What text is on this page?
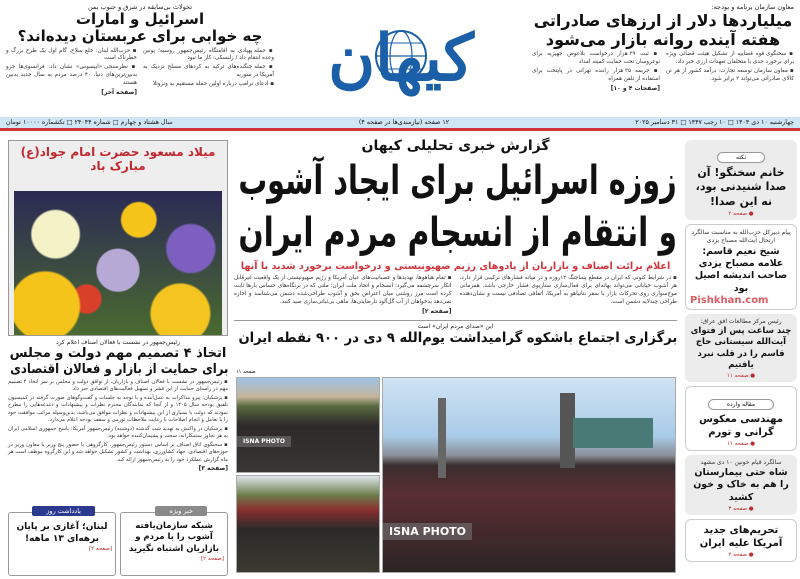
معاون سازمان برنامه و بودجه:
میلیاردها دلار از ارزهای صادراتی
هفته آینده روانه بازار می‌شود

▪ سخنگوی قوه قضاییه از تشکیل هیئت قضائی ویژه برای برخورد جدی با متخلفان تعهدات ارزی خبر داد.

▪ معاون سازمان توسعه تجارت: درآمد کشور از هر تن کالای صادراتی می‌تواند ۲ برابر شود.

▪ ثبت ۳۹ هزار درخواست بلاعوض جهیزیه برای نوعروسان تحت حمایت کمیته امداد

▪ جریمه ۳۵ هزار راننده تهرانی در پایتخت برای استفاده از تلفن همراه

[صفحات ۴ و ۱۰]
کیهان
تحولات بی‌سابقه در شرق و جنوب یمن
اسرائیل و امارات
چه خوابی برای عربستان دیده‌اند؟

▪ حمله پهپادی به اقامتگاه رئیس‌جمهور روسیه؛ پوتین وعده انتقام داد / زلنسکی: کار ما نبود

▪ حمله جنگنده‌های ترکیه به کردهای مسلح نزدیک به آمریکا در سوریه

▪ ادعای ترامپ درباره اولین حمله مستقیم به ونزوئلا

▪ حزب‌الله لبنان: خلع سلاح، گام اول یک طرح بزرگ و خطرناک است

▪ نظرسنجی «ایپسوس» نشان داد: فرانسوی‌ها جزو بدبین‌ترین‌های دنیا، ۴۰ درصد مردم به سال جدید بدبین هستند

[صفحه آخر]
چهارشنبه ۱۰ دی ۱۴۰۴ □ ۱۰ رجب ۱۴۴۷ □ ۳۱ دسامبر ۲۰۲۵
۱۲ صفحه (نیازمندی‌ها در صفحه ۴)
سال هشتاد و چهارم □ شماره ۲۴۰۴۴ □ تکشماره ۱۰۰۰۰ تومان
گزارش خبری تحلیلی کیهان
زوزه اسرائیل برای ایجاد آشوب
و انتقام از انسجام مردم ایران
اعلام برائت اصناف و بازاریان از پادوهای رژیم صهیونیستی و درخواست برخورد شدید با آنها

▪ در شرایط کنونی که ایران در مقطع پساجنگ ۱۲روزه و در میانه فشارهای ترکیبی قرار دارد، هر آشوب خیابانی می‌تواند بهانه‌ای برای فعال‌سازی سناریوی فشار خارجی باشد. همزمانی موج‌سواری روی تحرکات بازار با سفر نتانیاهو به آمریکا، اتفاقی تصادفی نیست و نشان‌دهنده طراحی چندلایه دشمن است.

▪ تمام هیاهوها، تهدیدها و عصبانیت‌های عیان آمریکا و رژیم صهیونیستی از یک واقعیت غیرقابل انکار سرچشمه می‌گیرد: انسجام و اتحاد ملت ایران؛ ملتی که در برنگاه‌های حساس بارها ثابت کرده است مرز روشنی میان اعتراض بحق و آشوب طراحی‌شده دشمن می‌شناسد و اجازه نمی‌دهد بدخواهان از آب گل‌آلود نارضایتی‌ها، ماهی بی‌ثباتی‌سازی صید کنند.

[صفحه ۲]
این «صدای مردم ایران» است
برگزاری اجتماع باشکوه گرامیداشت یوم‌الله ۹ دی در ۹۰۰ نقطه ایران
صفحه ۱۱
ISNA PHOTO
ISNA PHOTO
میلاد مسعود حضرت امام جواد(ع)
مبارک باد
رئیس‌جمهور در نشست با فعالان اصناف اعلام کرد
اتخاذ ۴ تصمیم مهم دولت و مجلس
برای حمایت از بازار و فعالان اقتصادی

▪ رئیس‌جمهور در نشست با فعالان اصناف و بازاریان، از توافق دولت و مجلس بر سر اتخاذ ۴ تصمیم مهم در راستای حمایت از این قشر و تسهیل فعالیت‌های اقتصادی خبر داد.

▪ پزشکیان: پیرو مذاکرات به عمل‌آمده و با توجه به جلسات و گفت‌وگوهای صورت گرفته در کمیسیون تلفیق بودجه سال ۱۴۰۵ و از آنجا که نمایندگان محترم نظرات و پیشنهادات و دغدغه‌هایی را مطرح نمودند که دولت با بسیاری از این پیشنهادات و نظرات موافق می‌باشد، بدین‌وسیله مراتب موافقت خود را با تعامل و انجام اصلاحات با رعایت ملاحظات تورمی و سقف بودجه اعلام می‌دارد.

▪ پزشکیان در واکنش به تهدید شب گذشته (دوشنبه) رئیس‌جمهور آمریکا: پاسخ جمهوری اسلامی ایران به هر تجاوز ستمکارانه، سخت و پشیمان‌کننده خواهد بود.

▪ سخنگوی اتاق اصناف بر اساس دستور رئیس‌جمهور، کارگروهی با حضور پنج وزیر یا معاون وزیر در حوزه‌های اقتصادی، جهاد کشاورزی، بهداشت و کشور تشکیل خواهد شد و این کارگروه موظف است هر ماه گزارش عملکرد خود را به رئیس‌جمهور ارائه کند.

[صفحه ۳]
خبر ویژه
شبکه سازمان‌یافته آشوب را با مردم و بازاریان اشتباه نگیرید
[صفحه ۲]
یادداشت روز
لبنان؛ آغازی بر پایان برهه‌ای ۱۳ ماهه!
[صفحه ۲]
نکته
خانم سخنگو! آن صدا شنیدنی بود، نه این صدا!
● صفحه ۲
پیام دبیرکل حزب‌الله به مناسبت سالگرد ارتحال آیت‌الله مصباح یزدی
شیخ نعیم قاسم: علامه مصباح یزدی صاحب اندیشه اصیل بود
Pishkhan.com
رئیس مرکز مطالعات افق عراق:
چند ساعت پس از فتوای آیت‌الله سیستانی حاج قاسم را در قلب نبرد یافتیم
● صفحه ۱۱
مقاله وارده
مهندسی معکوس گرانی و تورم
● صفحه ۱۱
سالگرد قیام خونین ۱۰ دی مشهد
شاه حتی بیمارستان را هم به خاک و خون کشید
● صفحه ۳
تحریم‌های جدید آمریکا علیه ایران
● صفحه ۲
